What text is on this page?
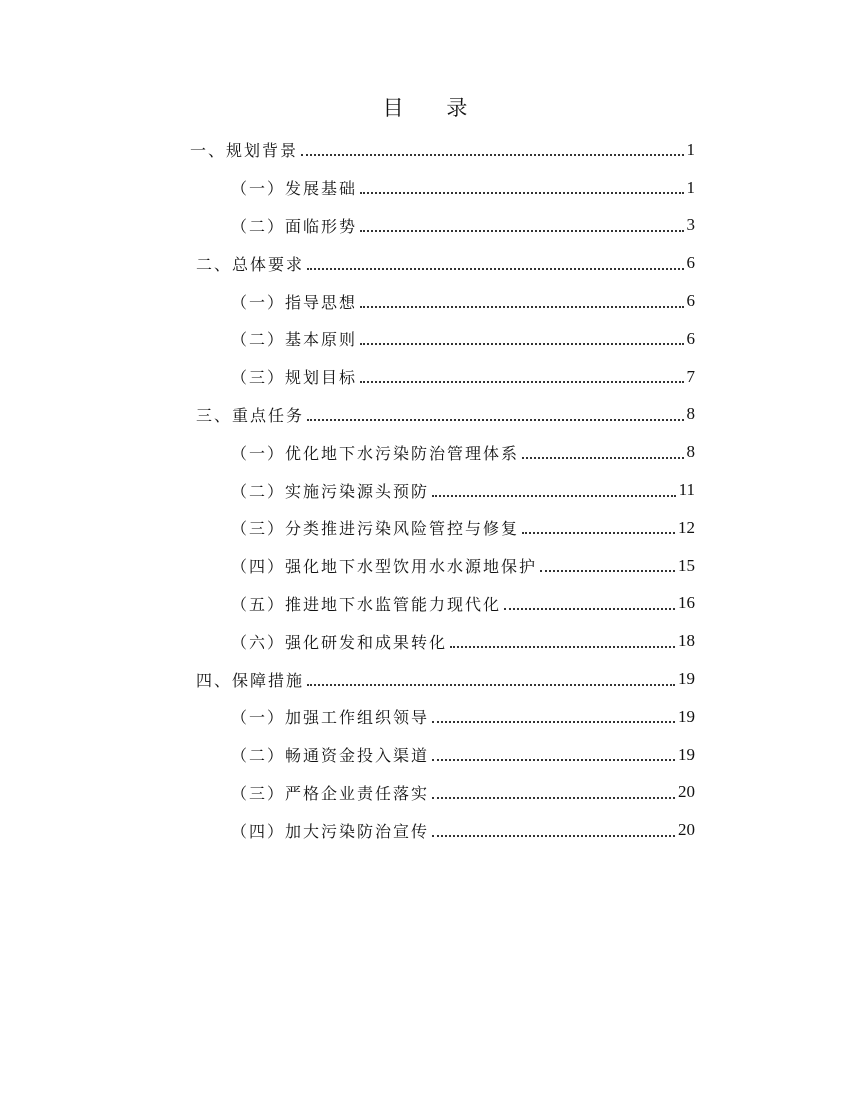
目 录
一、规划背景	1
（一）发展基础	1
（二）面临形势	3
二、总体要求	6
（一）指导思想	6
（二）基本原则	6
（三）规划目标	7
三、重点任务	8
（一）优化地下水污染防治管理体系	8
（二）实施污染源头预防	11
（三）分类推进污染风险管控与修复	12
（四）强化地下水型饮用水水源地保护	15
（五）推进地下水监管能力现代化	16
（六）强化研发和成果转化	18
四、保障措施	19
（一）加强工作组织领导	19
（二）畅通资金投入渠道	19
（三）严格企业责任落实	20
（四）加大污染防治宣传	20
